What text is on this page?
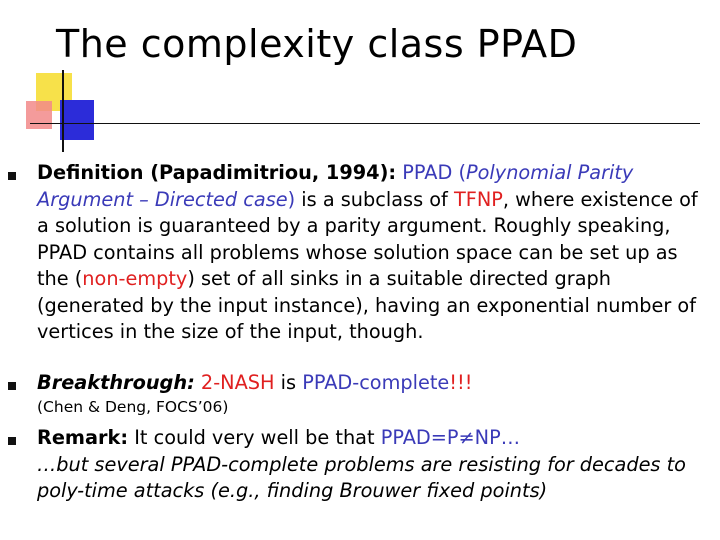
The complexity class PPAD
Definition (Papadimitriou, 1994): PPAD (Polynomial Parity Argument – Directed case) is a subclass of TFNP, where existence of a solution is guaranteed by a parity argument. Roughly speaking, PPAD contains all problems whose solution space can be set up as the (non-empty) set of all sinks in a suitable directed graph (generated by the input instance), having an exponential number of vertices in the size of the input, though.
Breakthrough: 2-NASH is PPAD-complete!!!
(Chen & Deng, FOCS’06)
Remark: It could very well be that PPAD=P≠NP…
…but several PPAD-complete problems are resisting for decades to poly-time attacks (e.g., finding Brouwer fixed points)
